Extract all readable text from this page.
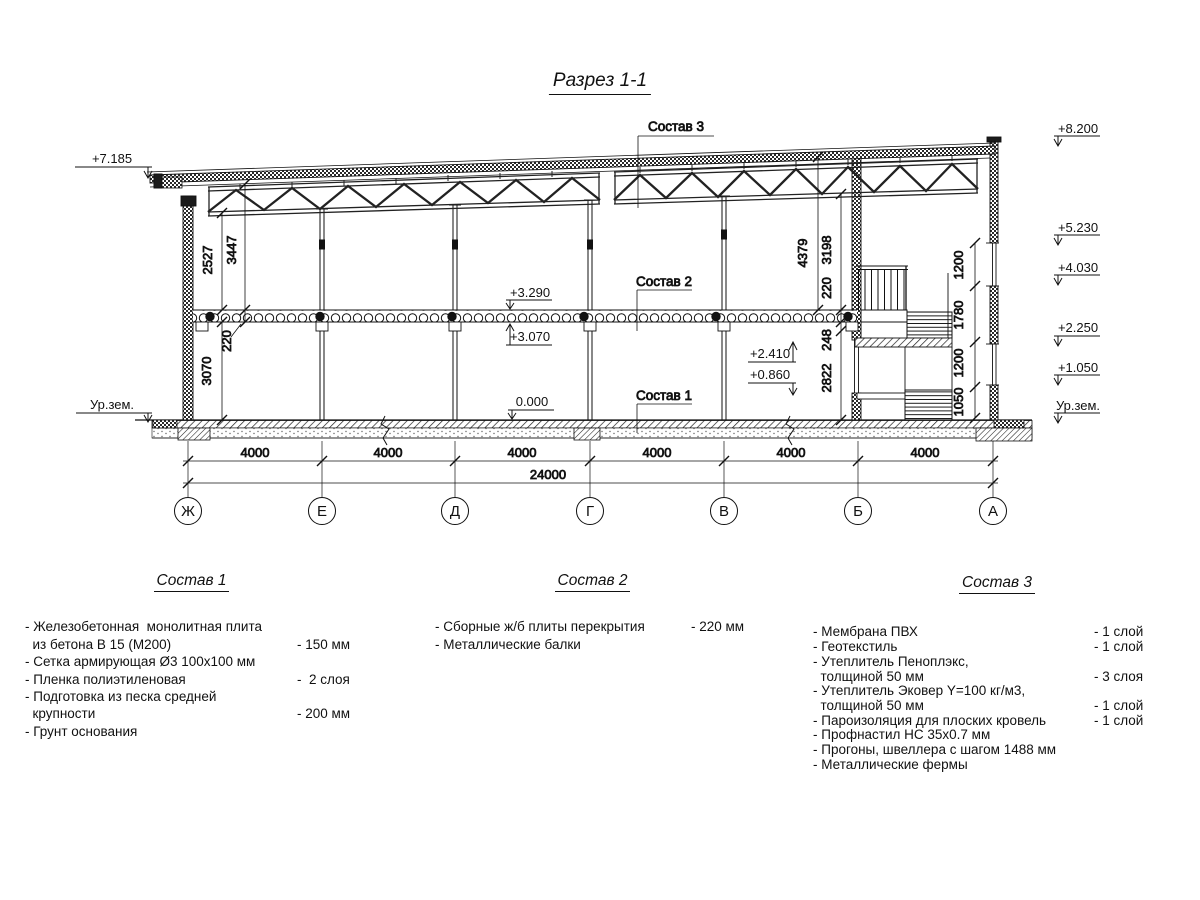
Разрез 1-1
Состав 3
Состав 2
Состав 1
+7.185
Ур.зем.
+8.200
+5.230
+4.030
+2.250
+1.050
Ур.зем.
+3.290
+3.070
0.000
+2.410
+0.860
2527 3447
220
3070
4379 3198
220
248
2822
1200
1780
1200
1050
4000	4000	4000	4000	4000	4000
24000
Ж	Е	Д	Г	В	Б	А
Состав 1
- Железобетонная  монолитная плита
из бетона В 15 (М200)	- 150 мм
- Сетка армирующая Ø3 100х100 мм
- Пленка полиэтиленовая	-  2 слоя
- Подготовка из песка средней
крупности	- 200 мм
- Грунт основания
Состав 2
- Сборные ж/б плиты перекрытия	- 220 мм
- Металлические балки
Состав 3
- Мембрана ПВХ	- 1 слой
- Геотекстиль	- 1 слой
- Утеплитель Пеноплэкс,
толщиной 50 мм	- 3 слоя
- Утеплитель Эковер Y=100 кг/м3,
толщиной 50 мм	- 1 слой
- Пароизоляция для плоских кровель	- 1 слой
- Профнастил НС 35х0.7 мм
- Прогоны, швеллера с шагом 1488 мм
- Металлические фермы
